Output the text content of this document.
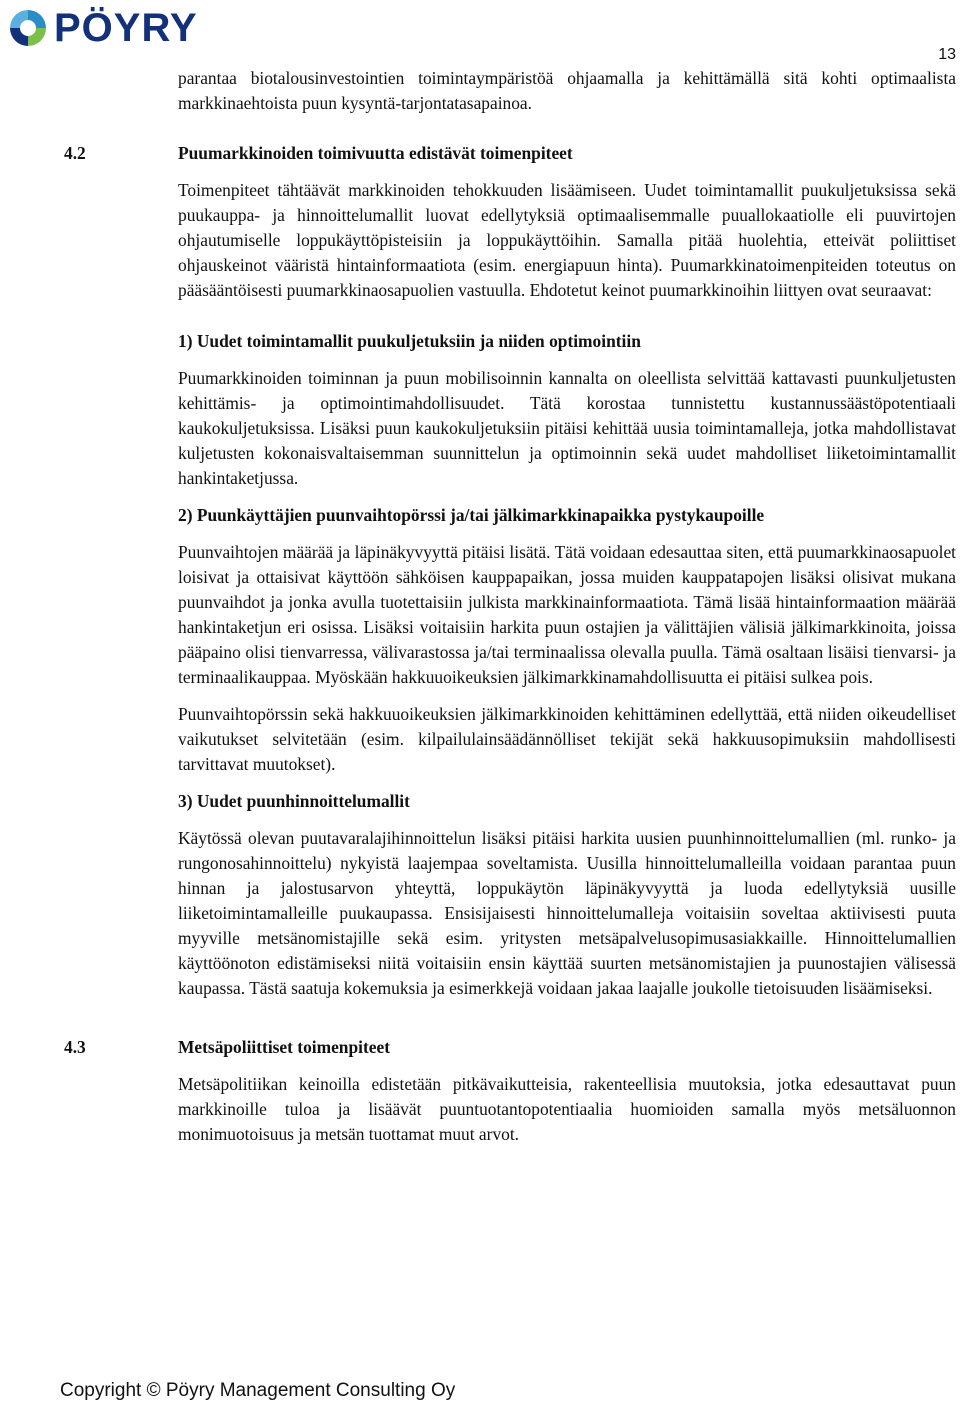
PÖYRY
13

parantaa biotalousinvestointien toimintaympäristöä ohjaamalla ja kehittämällä sitä kohti optimaalista markkinaehtoista puun kysyntä-tarjontatasapainoa.

4.2	Puumarkkinoiden toimivuutta edistävät toimenpiteet

Toimenpiteet tähtäävät markkinoiden tehokkuuden lisäämiseen. Uudet toimintamallit puukuljetuksissa sekä puukauppa- ja hinnoittelumallit luovat edellytyksiä optimaalisemmalle puuallokaatiolle eli puuvirtojen ohjautumiselle loppukäyttöpisteisiin ja loppukäyttöihin. Samalla pitää huolehtia, etteivät poliittiset ohjauskeinot vääristä hintainformaatiota (esim. energiapuun hinta). Puumarkkinatoimenpiteiden toteutus on pääsääntöisesti puumarkkinaosapuolien vastuulla. Ehdotetut keinot puumarkkinoihin liittyen ovat seuraavat:

1) Uudet toimintamallit puukuljetuksiin ja niiden optimointiin

Puumarkkinoiden toiminnan ja puun mobilisoinnin kannalta on oleellista selvittää kattavasti puunkuljetusten kehittämis- ja optimointimahdollisuudet. Tätä korostaa tunnistettu kustannussäästöpotentiaali kaukokuljetuksissa. Lisäksi puun kaukokuljetuksiin pitäisi kehittää uusia toimintamalleja, jotka mahdollistavat kuljetusten kokonaisvaltaisemman suunnittelun ja optimoinnin sekä uudet mahdolliset liiketoimintamallit hankintaketjussa.

2) Puunkäyttäjien puunvaihtopörssi ja/tai jälkimarkkinapaikka pystykaupoille

Puunvaihtojen määrää ja läpinäkyvyyttä pitäisi lisätä. Tätä voidaan edesauttaa siten, että puumarkkinaosapuolet loisivat ja ottaisivat käyttöön sähköisen kauppapaikan, jossa muiden kauppatapojen lisäksi olisivat mukana puunvaihdot ja jonka avulla tuotettaisiin julkista markkinainformaatiota. Tämä lisää hintainformaation määrää hankintaketjun eri osissa. Lisäksi voitaisiin harkita puun ostajien ja välittäjien välisiä jälkimarkkinoita, joissa pääpaino olisi tienvarressa, välivarastossa ja/tai terminaalissa olevalla puulla. Tämä osaltaan lisäisi tienvarsi- ja terminaalikauppaa. Myöskään hakkuuoikeuksien jälkimarkkinamahdollisuutta ei pitäisi sulkea pois.

Puunvaihtopörssin sekä hakkuuoikeuksien jälkimarkkinoiden kehittäminen edellyttää, että niiden oikeudelliset vaikutukset selvitetään (esim. kilpailulainsäädännölliset tekijät sekä hakkuusopimuksiin mahdollisesti tarvittavat muutokset).

3) Uudet puunhinnoittelumallit

Käytössä olevan puutavaralajihinnoittelun lisäksi pitäisi harkita uusien puunhinnoittelumallien (ml. runko- ja rungonosahinnoittelu) nykyistä laajempaa soveltamista. Uusilla hinnoittelumalleilla voidaan parantaa puun hinnan ja jalostusarvon yhteyttä, loppukäytön läpinäkyvyyttä ja luoda edellytyksiä uusille liiketoimintamalleille puukaupassa. Ensisijaisesti hinnoittelumalleja voitaisiin soveltaa aktiivisesti puuta myyville metsänomistajille sekä esim. yritysten metsäpalvelusopimusasiakkaille. Hinnoittelumallien käyttöönoton edistämiseksi niitä voitaisiin ensin käyttää suurten metsänomistajien ja puunostajien välisessä kaupassa. Tästä saatuja kokemuksia ja esimerkkejä voidaan jakaa laajalle joukolle tietoisuuden lisäämiseksi.

4.3	Metsäpoliittiset toimenpiteet

Metsäpolitiikan keinoilla edistetään pitkävaikutteisia, rakenteellisia muutoksia, jotka edesauttavat puun markkinoille tuloa ja lisäävät puuntuotantopotentiaalia huomioiden samalla myös metsäluonnon monimuotoisuus ja metsän tuottamat muut arvot.

Copyright © Pöyry Management Consulting Oy
